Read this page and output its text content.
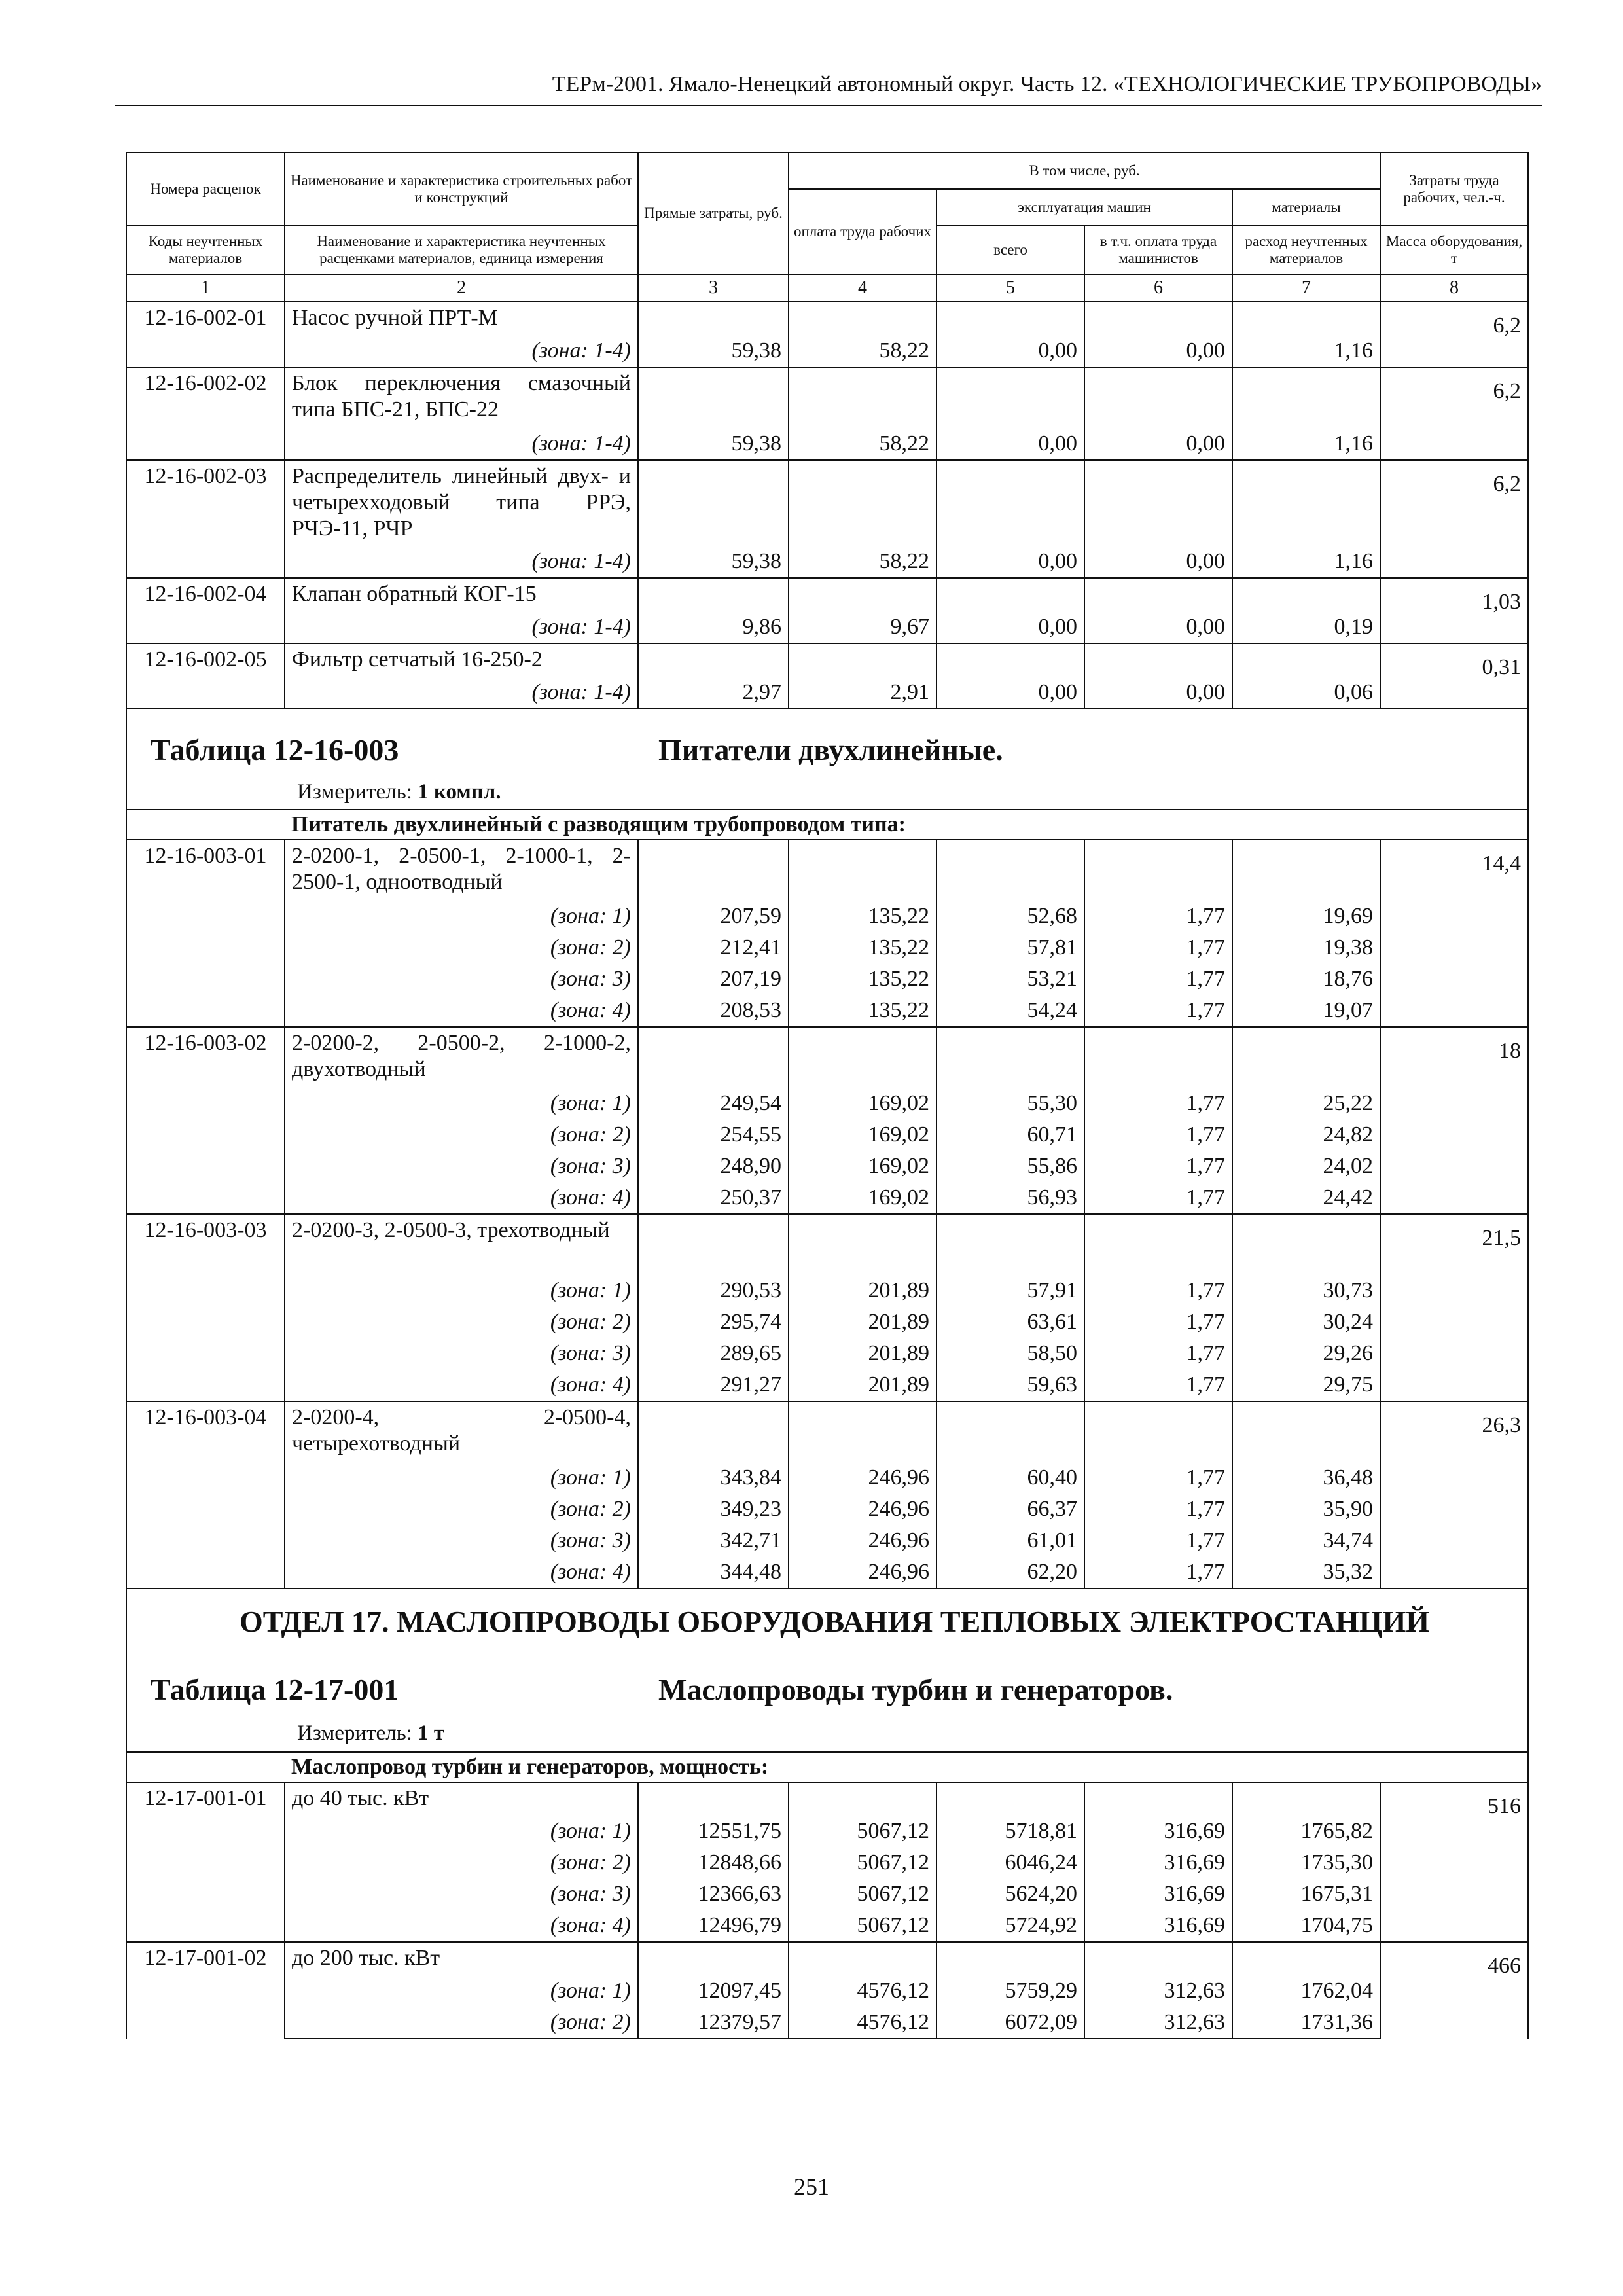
ТЕРм-2001. Ямало-Ненецкий автономный округ. Часть 12. «ТЕХНОЛОГИЧЕСКИЕ ТРУБОПРОВОДЫ»
Номера расценок	Наименование и характеристика строительных работ и конструкций	Прямые затраты, руб.	В том числе, руб.				Затраты труда рабочих, чел.-ч.
			оплата труда рабочих	эксплуатация машин		материалы	
Коды неучтенных материалов	Наименование и характеристика неучтенных расценками материалов, единица измерения			всего	в т.ч. оплата труда машинистов	расход неучтенных материалов	Масса оборудования, т
1	2	3	4	5	6	7	8
12-16-002-01	Насос ручной ПРТ-М						6,2
	(зона: 1-4)	59,38	58,22	0,00	0,00	1,16	
12-16-002-02	Блок переключения смазочный типа БПС-21, БПС-22						6,2
	(зона: 1-4)	59,38	58,22	0,00	0,00	1,16	
12-16-002-03	Распределитель линейный двух- и четырехходовый типа РРЭ, РЧЭ-11, РЧР						6,2
	(зона: 1-4)	59,38	58,22	0,00	0,00	1,16	
12-16-002-04	Клапан обратный КОГ-15						1,03
	(зона: 1-4)	9,86	9,67	0,00	0,00	0,19	
12-16-002-05	Фильтр сетчатый 16-250-2						0,31
	(зона: 1-4)	2,97	2,91	0,00	0,00	0,06	

Таблица 12-16-003 Питатели двухлинейные.
Измеритель: 1 компл.							

	Питатель двухлинейный с разводящим трубопроводом типа:						
12-16-003-01	2-0200-1, 2-0500-1, 2-1000-1, 2-2500-1, одноотводный						14,4
	(зона: 1)	207,59	135,22	52,68	1,77	19,69	
	(зона: 2)	212,41	135,22	57,81	1,77	19,38	
	(зона: 3)	207,19	135,22	53,21	1,77	18,76	
	(зона: 4)	208,53	135,22	54,24	1,77	19,07	
12-16-003-02	2-0200-2, 2-0500-2, 2-1000-2, двухотводный						18
	(зона: 1)	249,54	169,02	55,30	1,77	25,22	
	(зона: 2)	254,55	169,02	60,71	1,77	24,82	
	(зона: 3)	248,90	169,02	55,86	1,77	24,02	
	(зона: 4)	250,37	169,02	56,93	1,77	24,42	
12-16-003-03	2-0200-3, 2-0500-3, трехотводный						21,5
	(зона: 1)	290,53	201,89	57,91	1,77	30,73	
	(зона: 2)	295,74	201,89	63,61	1,77	30,24	
	(зона: 3)	289,65	201,89	58,50	1,77	29,26	
	(зона: 4)	291,27	201,89	59,63	1,77	29,75	
12-16-003-04	2-0200-4, 2-0500-4, четырехотводный						26,3
	(зона: 1)	343,84	246,96	60,40	1,77	36,48	
	(зона: 2)	349,23	246,96	66,37	1,77	35,90	
	(зона: 3)	342,71	246,96	61,01	1,77	34,74	
	(зона: 4)	344,48	246,96	62,20	1,77	35,32	

ОТДЕЛ 17. МАСЛОПРОВОДЫ ОБОРУДОВАНИЯ ТЕПЛОВЫХ ЭЛЕКТРОСТАНЦИЙ
Таблица 12-17-001 Маслопроводы турбин и генераторов.
Измеритель: 1 т							

	Маслопровод турбин и генераторов, мощность:						
12-17-001-01	до 40 тыс. кВт						516
	(зона: 1)	12551,75	5067,12	5718,81	316,69	1765,82	
	(зона: 2)	12848,66	5067,12	6046,24	316,69	1735,30	
	(зона: 3)	12366,63	5067,12	5624,20	316,69	1675,31	
	(зона: 4)	12496,79	5067,12	5724,92	316,69	1704,75	
12-17-001-02	до 200 тыс. кВт						466
	(зона: 1)	12097,45	4576,12	5759,29	312,63	1762,04	
	(зона: 2)	12379,57	4576,12	6072,09	312,63	1731,36	
251
